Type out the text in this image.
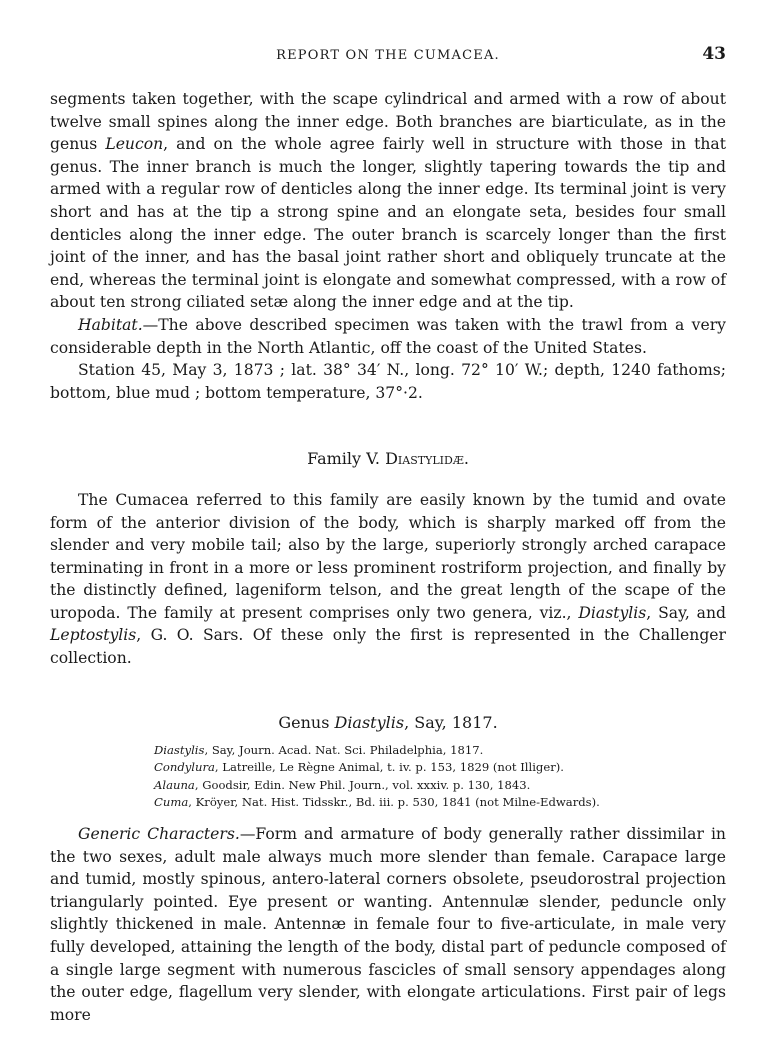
REPORT ON THE CUMACEA.	43

segments taken together, with the scape cylindrical and armed with a row of about twelve small spines along the inner edge. Both branches are biarticulate, as in the genus Leucon, and on the whole agree fairly well in structure with those in that genus. The inner branch is much the longer, slightly tapering towards the tip and armed with a regular row of denticles along the inner edge. Its terminal joint is very short and has at the tip a strong spine and an elongate seta, besides four small denticles along the inner edge. The outer branch is scarcely longer than the first joint of the inner, and has the basal joint rather short and obliquely truncate at the end, whereas the terminal joint is elongate and somewhat compressed, with a row of about ten strong ciliated setæ along the inner edge and at the tip.

Habitat.—The above described specimen was taken with the trawl from a very considerable depth in the North Atlantic, off the coast of the United States.

Station 45, May 3, 1873 ; lat. 38° 34′ N., long. 72° 10′ W.; depth, 1240 fathoms; bottom, blue mud ; bottom temperature, 37°·2.

Family V. Diastylidæ.

The Cumacea referred to this family are easily known by the tumid and ovate form of the anterior division of the body, which is sharply marked off from the slender and very mobile tail; also by the large, superiorly strongly arched carapace terminating in front in a more or less prominent rostriform projection, and finally by the distinctly defined, lageniform telson, and the great length of the scape of the uropoda. The family at present comprises only two genera, viz., Diastylis, Say, and Leptostylis, G. O. Sars. Of these only the first is represented in the Challenger collection.

Genus Diastylis, Say, 1817.
Diastylis, Say, Journ. Acad. Nat. Sci. Philadelphia, 1817.
Condylura, Latreille, Le Règne Animal, t. iv. p. 153, 1829 (not Illiger).
Alauna, Goodsir, Edin. New Phil. Journ., vol. xxxiv. p. 130, 1843.
Cuma, Kröyer, Nat. Hist. Tidsskr., Bd. iii. p. 530, 1841 (not Milne-Edwards).

Generic Characters.—Form and armature of body generally rather dissimilar in the two sexes, adult male always much more slender than female. Carapace large and tumid, mostly spinous, antero-lateral corners obsolete, pseudorostral projection triangularly pointed. Eye present or wanting. Antennulæ slender, peduncle only slightly thickened in male. Antennæ in female four to five-articulate, in male very fully developed, attaining the length of the body, distal part of peduncle composed of a single large segment with numerous fascicles of small sensory appendages along the outer edge, flagellum very slender, with elongate articulations. First pair of legs more
